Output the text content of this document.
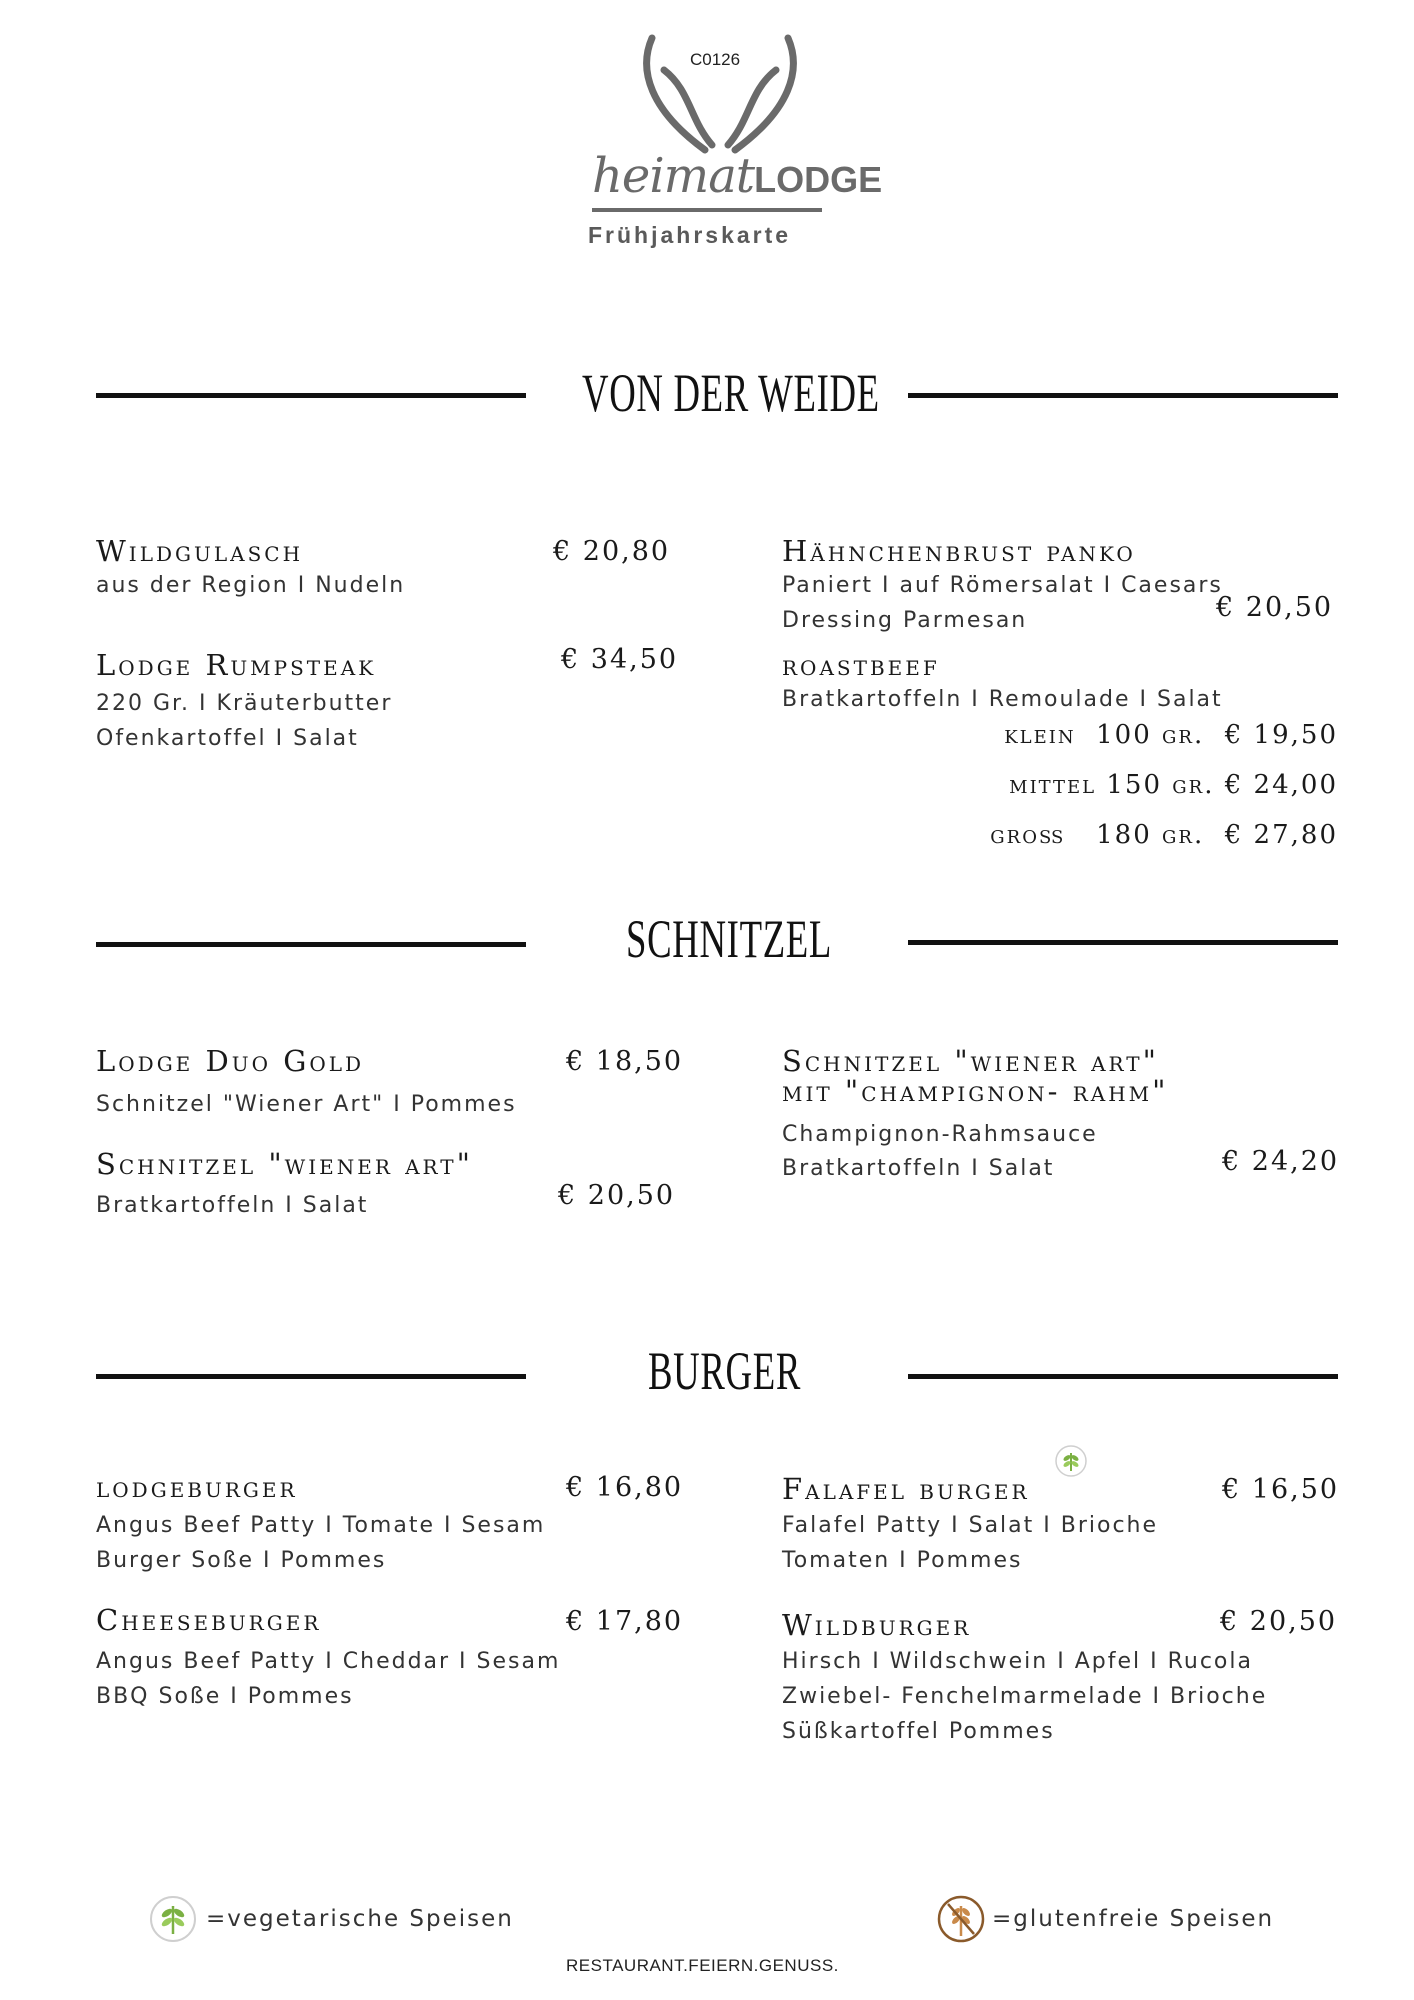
C0126
heimatLODGE
Frühjahrskarte
VON DER WEIDE
Wildgulasch
aus der Region I Nudeln
€ 20,80
Lodge Rumpsteak
220 Gr. I Kräuterbutter
Ofenkartoffel I Salat
€ 34,50
Hähnchenbrust panko
Paniert I auf Römersalat I Caesars
Dressing Parmesan	€ 20,50
roastbeef
Bratkartoffeln I Remoulade I Salat
klein  100 gr. € 19,50
mittel 150 gr. € 24,00
groß   180 gr. € 27,80
SCHNITZEL
Lodge Duo Gold
Schnitzel "Wiener Art" I Pommes
€ 18,50
Schnitzel "wiener art"
Bratkartoffeln I Salat	€ 20,50
Schnitzel "wiener art"
mit "champignon- rahm"
Champignon-Rahmsauce
Bratkartoffeln I Salat	€ 24,20
BURGER
lodgeburger
Angus Beef Patty I Tomate I Sesam
Burger Soße I Pommes
€ 16,80
Cheeseburger
Angus Beef Patty I Cheddar I Sesam
BBQ Soße I Pommes
€ 17,80
Falafel burger
Falafel Patty I Salat I Brioche
Tomaten I Pommes
€ 16,50
Wildburger
Hirsch I Wildschwein I Apfel I Rucola
Zwiebel- Fenchelmarmelade I Brioche
Süßkartoffel Pommes
€ 20,50
=vegetarische Speisen	=glutenfreie Speisen
RESTAURANT.FEIERN.GENUSS.
